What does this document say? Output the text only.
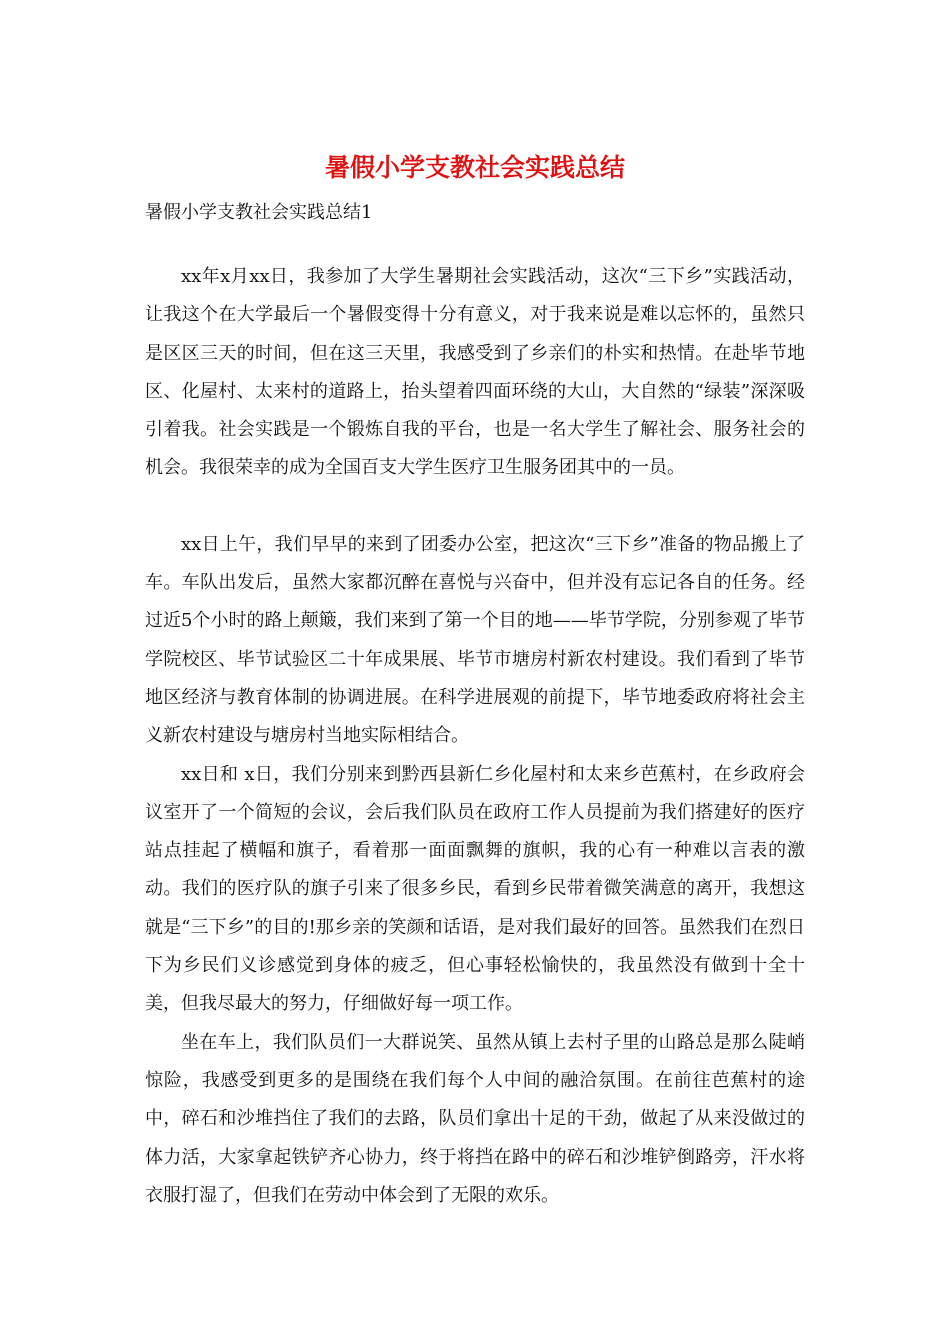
暑假小学支教社会实践总结

暑假小学支教社会实践总结1

xx年x月xx日，我参加了大学生暑期社会实践活动，这次“三下乡”实践活动，让我这个在大学最后一个暑假变得十分有意义，对于我来说是难以忘怀的，虽然只是区区三天的时间，但在这三天里，我感受到了乡亲们的朴实和热情。在赴毕节地区、化屋村、太来村的道路上，抬头望着四面环绕的大山，大自然的“绿装”深深吸引着我。社会实践是一个锻炼自我的平台，也是一名大学生了解社会、服务社会的机会。我很荣幸的成为全国百支大学生医疗卫生服务团其中的一员。

xx日上午，我们早早的来到了团委办公室，把这次“三下乡”准备的物品搬上了车。车队出发后，虽然大家都沉醉在喜悦与兴奋中，但并没有忘记各自的任务。经过近5个小时的路上颠簸，我们来到了第一个目的地——毕节学院，分别参观了毕节学院校区、毕节试验区二十年成果展、毕节市塘房村新农村建设。我们看到了毕节地区经济与教育体制的协调进展。在科学进展观的前提下，毕节地委政府将社会主义新农村建设与塘房村当地实际相结合。

xx日和 x日，我们分别来到黔西县新仁乡化屋村和太来乡芭蕉村，在乡政府会议室开了一个简短的会议，会后我们队员在政府工作人员提前为我们搭建好的医疗站点挂起了横幅和旗子，看着那一面面飘舞的旗帜，我的心有一种难以言表的激动。我们的医疗队的旗子引来了很多乡民，看到乡民带着微笑满意的离开，我想这就是“三下乡”的目的!那乡亲的笑颜和话语，是对我们最好的回答。虽然我们在烈日下为乡民们义诊感觉到身体的疲乏，但心事轻松愉快的，我虽然没有做到十全十美，但我尽最大的努力，仔细做好每一项工作。

坐在车上，我们队员们一大群说笑、虽然从镇上去村子里的山路总是那么陡峭惊险，我感受到更多的是围绕在我们每个人中间的融洽氛围。在前往芭蕉村的途中，碎石和沙堆挡住了我们的去路，队员们拿出十足的干劲，做起了从来没做过的体力活，大家拿起铁铲齐心协力，终于将挡在路中的碎石和沙堆铲倒路旁，汗水将衣服打湿了，但我们在劳动中体会到了无限的欢乐。
